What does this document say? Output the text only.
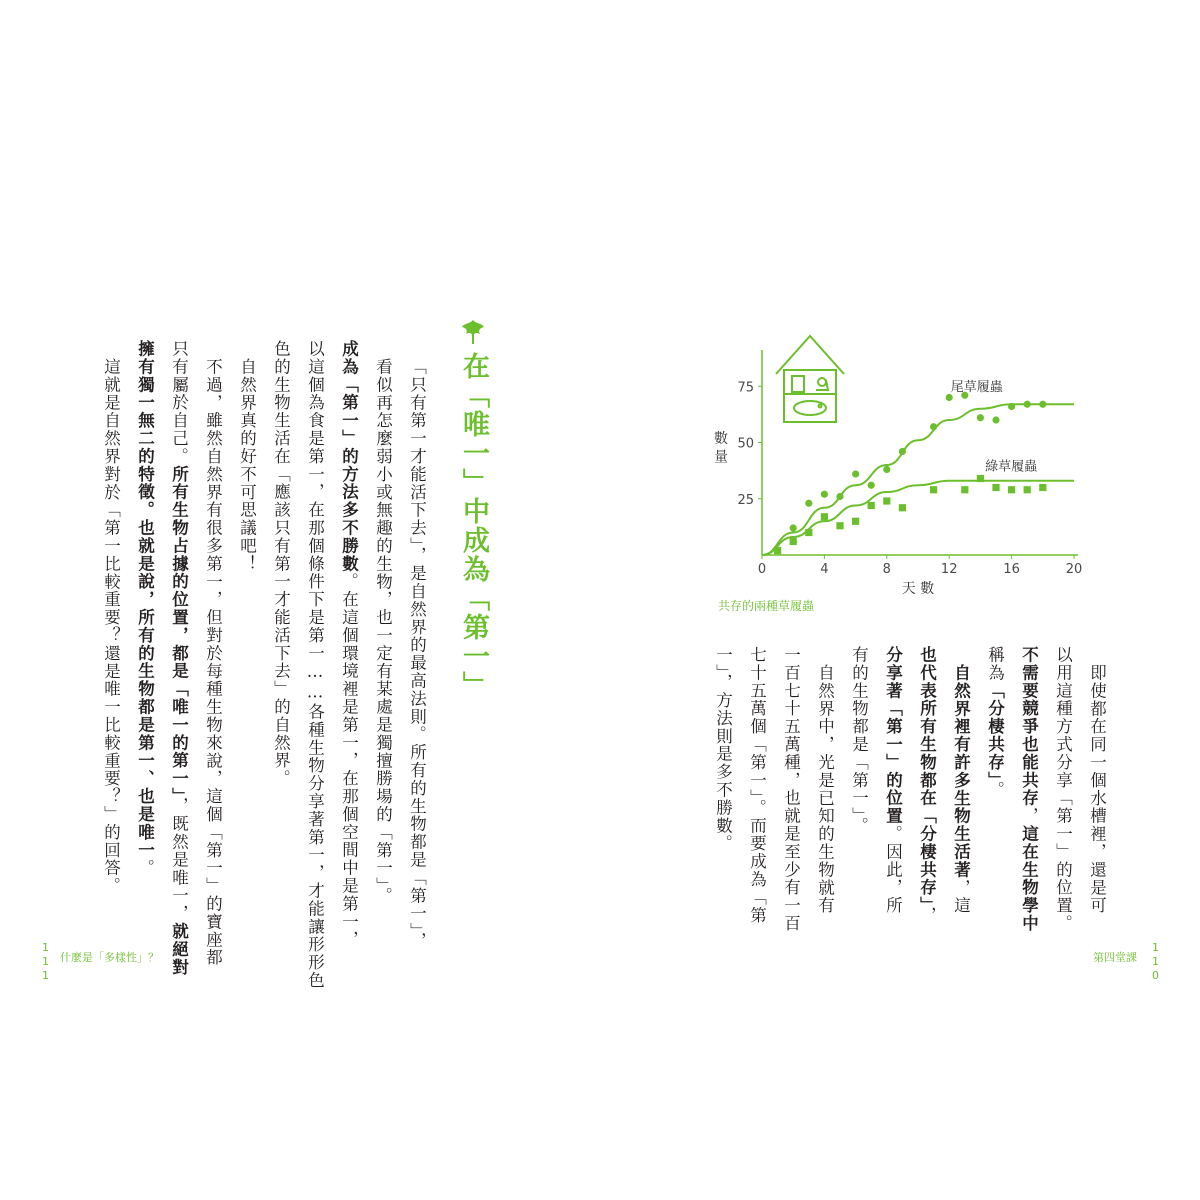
在「唯一」中成為「第一」
「只有第一才能活下去」，是自然界的最高法則。所有的生物都是「第一」，
看似再怎麼弱小或無趣的生物，也一定有某處是獨擅勝場的「第一」。
成為「第一」的方法多不勝數。在這個環境裡是第一，在那個空間中是第一，
以這個為食是第一，在那個條件下是第一……各種生物分享著第一，才能讓形形色
色的生物生活在「應該只有第一才能活下去」的自然界。
自然界真的好不可思議吧！
不過，雖然自然界有很多第一，但對於每種生物來說，這個「第一」的寶座都
只有屬於自己。所有生物占據的位置，都是「唯一的第一」，既然是唯一，就絕對
擁有獨一無二的特徵。也就是說，所有的生物都是第一、也是唯一。
這就是自然界對於「第一比較重要？還是唯一比較重要？」的回答。
111 什麼是「多樣性」？
0	4	8	12	16	20
25
50
75
天 數
數 量
尾草履蟲
綠草履蟲
共存的兩種草履蟲
即使都在同一個水槽裡，還是可
以用這種方式分享「第一」的位置。
不需要競爭也能共存，這在生物學中
稱為「分棲共存」。
自然界裡有許多生物生活著，這
也代表所有生物都在「分棲共存」，
分享著「第一」的位置。因此，所
有的生物都是「第一」。
自然界中，光是已知的生物就有
一百七十五萬種，也就是至少有一百
七十五萬個「第一」。而要成為「第
一」，方法則是多不勝數。
第四堂課 110
